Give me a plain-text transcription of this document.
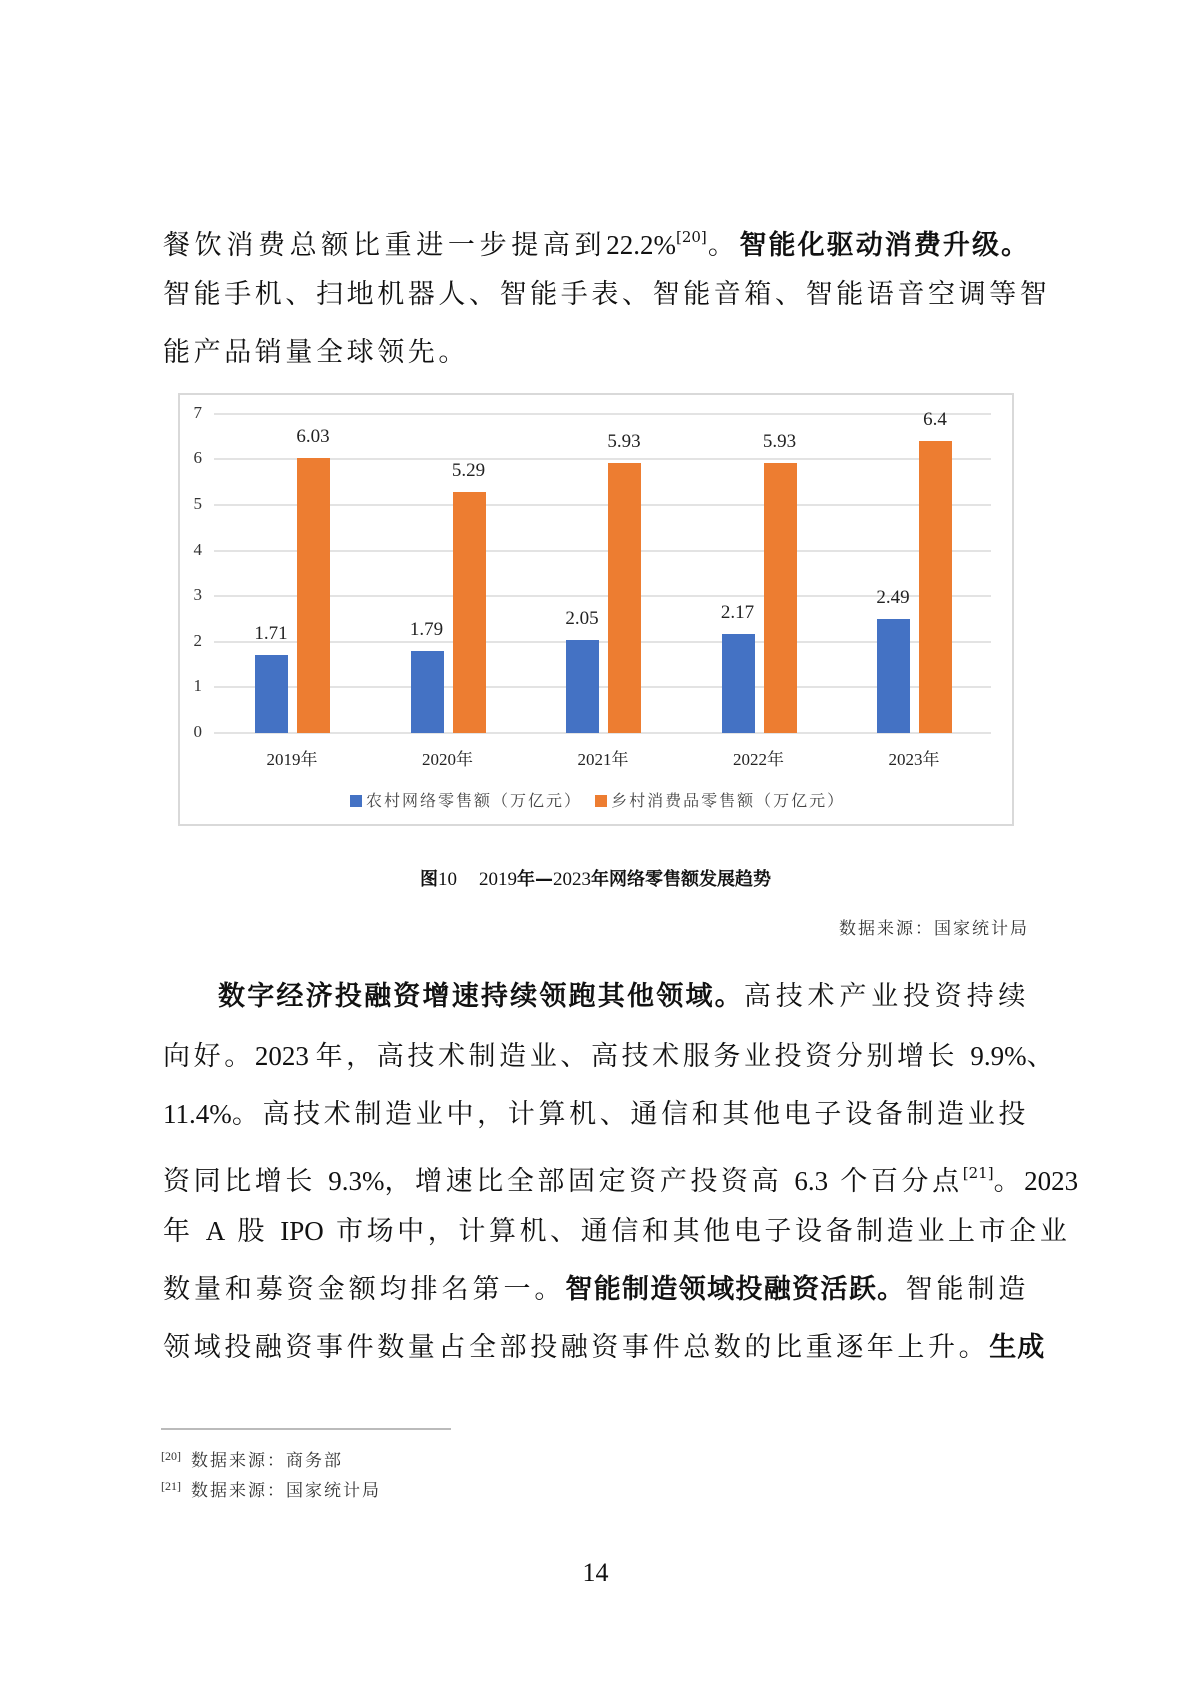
餐饮消费总额比重进一步提高到22.2%[20]。智能化驱动消费升级。
智能手机、扫地机器人、智能手表、智能音箱、智能语音空调等智
能产品销量全球领先。
0
1
2
3
4
5
6
7
1.71
6.03
2019年
1.79
5.29
2020年
2.05
5.93
2021年
2.17
5.93
2022年
2.49
6.4
2023年
农村网络零售额（万亿元） 乡村消费品零售额（万亿元）
图10 2019年—2023年网络零售额发展趋势
数据来源：国家统计局
数字经济投融资增速持续领跑其他领域。高技术产业投资持续
向好。2023 年，高技术制造业、高技术服务业投资分别增长 9.9%、
11.4%。高技术制造业中，计算机、通信和其他电子设备制造业投
资同比增长 9.3%，增速比全部固定资产投资高 6.3 个百分点[21]。2023
年 A 股 IPO 市场中，计算机、通信和其他电子设备制造业上市企业
数量和募资金额均排名第一。智能制造领域投融资活跃。智能制造
领域投融资事件数量占全部投融资事件总数的比重逐年上升。生成
[20] 数据来源：商务部
[21] 数据来源：国家统计局
14
